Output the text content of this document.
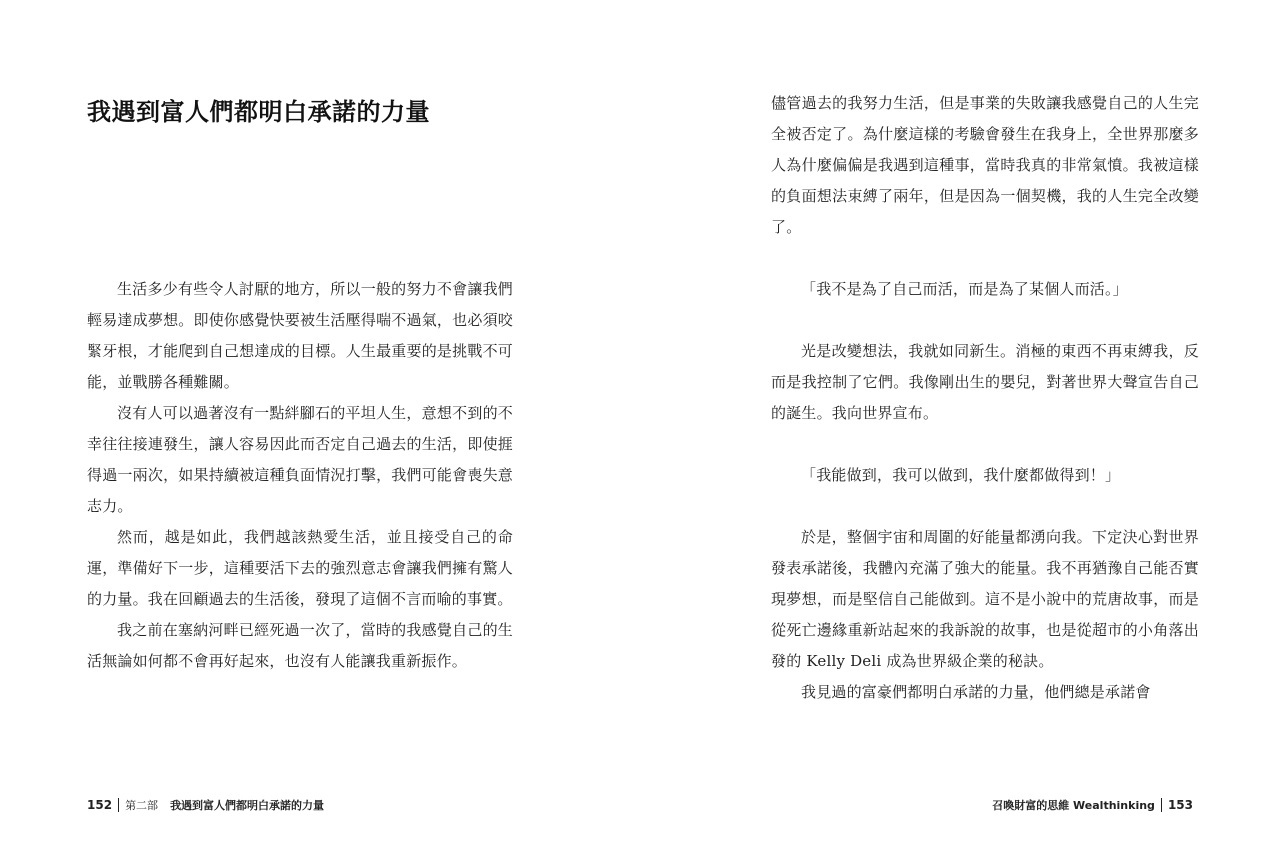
我遇到富人們都明白承諾的力量

生活多少有些令人討厭的地方，所以一般的努力不會讓我們輕易達成夢想。即使你感覺快要被生活壓得喘不過氣，也必須咬緊牙根，才能爬到自己想達成的目標。人生最重要的是挑戰不可能，並戰勝各種難關。

沒有人可以過著沒有一點絆腳石的平坦人生，意想不到的不幸往往接連發生，讓人容易因此而否定自己過去的生活，即使捱得過一兩次，如果持續被這種負面情況打擊，我們可能會喪失意志力。

然而，越是如此，我們越該熱愛生活，並且接受自己的命運，準備好下一步，這種要活下去的強烈意志會讓我們擁有驚人的力量。我在回顧過去的生活後，發現了這個不言而喻的事實。

我之前在塞納河畔已經死過一次了，當時的我感覺自己的生活無論如何都不會再好起來，也沒有人能讓我重新振作。

152 第二部 我遇到富人們都明白承諾的力量

儘管過去的我努力生活，但是事業的失敗讓我感覺自己的人生完全被否定了。為什麼這樣的考驗會發生在我身上，全世界那麼多人為什麼偏偏是我遇到這種事，當時我真的非常氣憤。我被這樣的負面想法束縛了兩年，但是因為一個契機，我的人生完全改變了。

「我不是為了自己而活，而是為了某個人而活。」

光是改變想法，我就如同新生。消極的東西不再束縛我，反而是我控制了它們。我像剛出生的嬰兒，對著世界大聲宣告自己的誕生。我向世界宣布。

「我能做到，我可以做到，我什麼都做得到！」

於是，整個宇宙和周圍的好能量都湧向我。下定決心對世界發表承諾後，我體內充滿了強大的能量。我不再猶豫自己能否實現夢想，而是堅信自己能做到。這不是小說中的荒唐故事，而是從死亡邊緣重新站起來的我訴說的故事，也是從超市的小角落出發的 Kelly Deli 成為世界級企業的秘訣。

我見過的富豪們都明白承諾的力量，他們總是承諾會

召喚財富的思維 Wealthinking 153
